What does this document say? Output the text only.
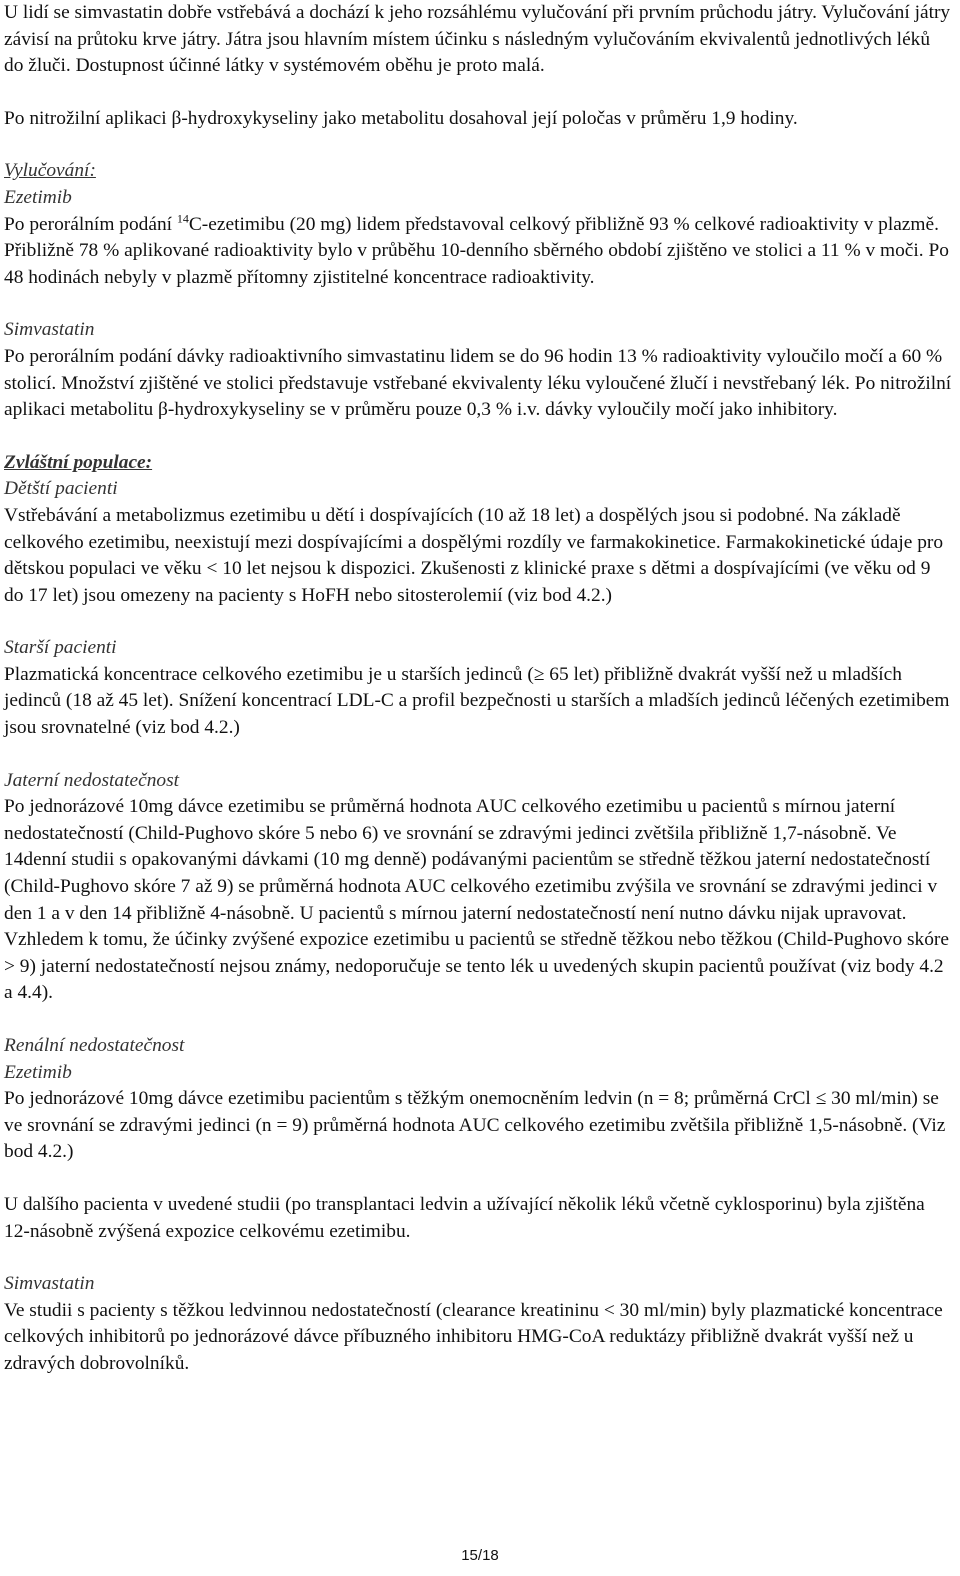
U lidí se simvastatin dobře vstřebává a dochází k jeho rozsáhlému vylučování při prvním průchodu játry. Vylučování játry závisí na průtoku krve játry. Játra jsou hlavním místem účinku s následným vylučováním ekvivalentů jednotlivých léků do žluči. Dostupnost účinné látky v systémovém oběhu je proto malá.

Po nitrožilní aplikaci β-hydroxykyseliny jako metabolitu dosahoval její poločas v průměru 1,9 hodiny.

Vylučování:

Ezetimib

Po perorálním podání $^{14}$C-ezetimibu (20 mg) lidem představoval celkový přibližně 93 % celkové radioaktivity v plazmě. Přibližně 78 % aplikované radioaktivity bylo v průběhu 10-denního sběrného období zjištěno ve stolici a 11 % v moči. Po 48 hodinách nebyly v plazmě přítomny zjistitelné koncentrace radioaktivity.

Simvastatin

Po perorálním podání dávky radioaktivního simvastatinu lidem se do 96 hodin 13 % radioaktivity vyloučilo močí a 60 % stolicí. Množství zjištěné ve stolici představuje vstřebané ekvivalenty léku vyloučené žlučí i nevstřebaný lék. Po nitrožilní aplikaci metabolitu β-hydroxykyseliny se v průměru pouze 0,3 % i.v. dávky vyloučily močí jako inhibitory.

Zvláštní populace:

Dětští pacienti

Vstřebávání a metabolizmus ezetimibu u dětí i dospívajících (10 až 18 let) a dospělých jsou si podobné. Na základě celkového ezetimibu, neexistují mezi dospívajícími a dospělými rozdíly ve farmakokinetice. Farmakokinetické údaje pro dětskou populaci ve věku < 10 let nejsou k dispozici. Zkušenosti z klinické praxe s dětmi a dospívajícími (ve věku od 9 do 17 let) jsou omezeny na pacienty s HoFH nebo sitosterolemií (viz bod 4.2.)

Starší pacienti

Plazmatická koncentrace celkového ezetimibu je u starších jedinců (≥ 65 let) přibližně dvakrát vyšší než u mladších jedinců (18 až 45 let). Snížení koncentrací LDL-C a profil bezpečnosti u starších a mladších jedinců léčených ezetimibem jsou srovnatelné (viz bod 4.2.)

Jaterní nedostatečnost

Po jednorázové 10mg dávce ezetimibu se průměrná hodnota AUC celkového ezetimibu u pacientů s mírnou jaterní nedostatečností (Child-Pughovo skóre 5 nebo 6) ve srovnání se zdravými jedinci zvětšila přibližně 1,7-násobně. Ve 14denní studii s opakovanými dávkami (10 mg denně) podávanými pacientům se středně těžkou jaterní nedostatečností (Child-Pughovo skóre 7 až 9) se průměrná hodnota AUC celkového ezetimibu zvýšila ve srovnání se zdravými jedinci v den 1 a v den 14 přibližně 4-násobně. U pacientů s mírnou jaterní nedostatečností není nutno dávku nijak upravovat. Vzhledem k tomu, že účinky zvýšené expozice ezetimibu u pacientů se středně těžkou nebo těžkou (Child-Pughovo skóre > 9) jaterní nedostatečností nejsou známy, nedoporučuje se tento lék u uvedených skupin pacientů používat (viz body 4.2 a 4.4).

Renální nedostatečnost

Ezetimib

Po jednorázové 10mg dávce ezetimibu pacientům s těžkým onemocněním ledvin (n = 8; průměrná CrCl ≤ 30 ml/min) se ve srovnání se zdravými jedinci (n = 9) průměrná hodnota AUC celkového ezetimibu zvětšila přibližně 1,5-násobně. (Viz bod 4.2.)

U dalšího pacienta v uvedené studii (po transplantaci ledvin a užívající několik léků včetně cyklosporinu) byla zjištěna 12-násobně zvýšená expozice celkovému ezetimibu.

Simvastatin

Ve studii s pacienty s těžkou ledvinnou nedostatečností (clearance kreatininu < 30 ml/min) byly plazmatické koncentrace celkových inhibitorů po jednorázové dávce příbuzného inhibitoru HMG-CoA reduktázy přibližně dvakrát vyšší než u zdravých dobrovolníků.

15/18
